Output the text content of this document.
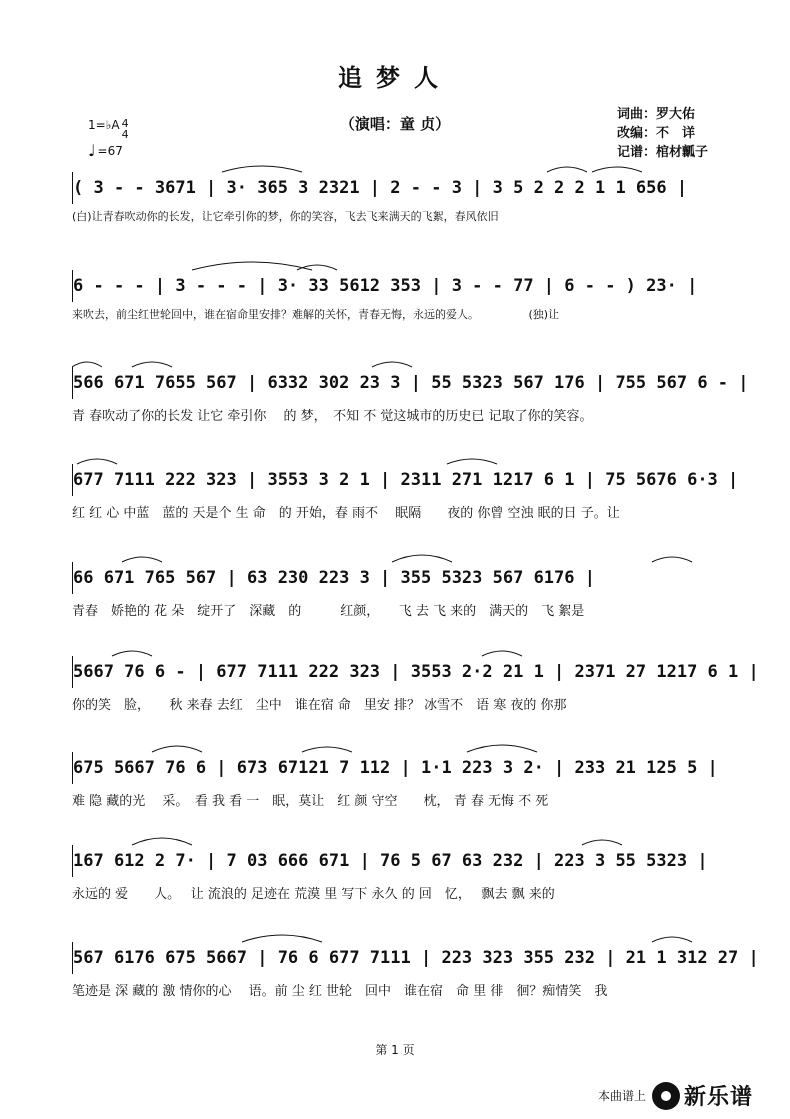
追梦人
（演唱：童 贞）
词曲：罗大佑
改编：不　详
记谱：棺材瓤子
1=♭A 4
4
♩ =67
( 3 - - 3671 | 3· 365 3 2321 | 2 - - 3 | 3 5 2 2 2 1 1 656 |
(白)让青春吹动你的长发，让它牵引你的梦，你的笑容，飞去飞来满天的飞絮，春风依旧
6 - - - | 3 - - - | 3· 33 5612 353 | 3 - - 77 | 6 - - ) 23· |
来吹去，前尘红世轮回中，谁在宿命里安排？难解的关怀，青春无悔，永远的爱人。　　　　　(独)让
566 671 7655 567 | 6332 302 23 3 | 55 5323 567 176 | 755 567 6 - |
青 春吹动了你的长发 让它 牵引你　 的 梦，　不知 不 觉这城市的历史已 记取了你的笑容。
677 7111 222 323 | 3553 3 2 1 | 2311 271 1217 6 1 | 75 5676 6·3 |
红 红 心 中蓝　蓝的 天是个 生 命　的 开始，春 雨不 　眠隔　　夜的 你曾 空浊 眠的日 子。让
66 671 765 567 | 63 230 223 3 | 355 5323 567 6176 |
青春　娇艳的 花 朵　绽开了　深藏　的　　　红颜，　　飞 去 飞 来的　满天的　飞 絮是
5667 76 6 - | 677 7111 222 323 | 3553 2·2 21 1 | 2371 27 1217 6 1 |
你的笑　脸，　　秋 来春 去红　尘中　谁在宿 命　里安 排？ 冰雪不　语 寒 夜的 你那
675 5667 76 6 | 673 67121 7 112 | 1·1 223 3 2· | 233 21 125 5 |
难 隐 藏的光　 采。　看 我 看 一　眠，莫让　红 颜 守空　　枕， 青 春 无悔 不 死
167 612 2 7· | 7 03 666 671 | 76 5 67 63 232 | 223 3 55 5323 |
永远的 爱　　人。　 让 流浪的 足迹在 荒漠 里 写下 永久 的 回　忆，　 飘去 飘 来的
567 6176 675 5667 | 76 6 677 7111 | 223 323 355 232 | 21 1 312 27 |
笔迹是 深 藏的 激 情你的心　 语。前 尘 红 世轮　回中　谁在宿　命 里 徘　徊？痴情笑　我
第 1 页
本曲谱上 新乐谱
